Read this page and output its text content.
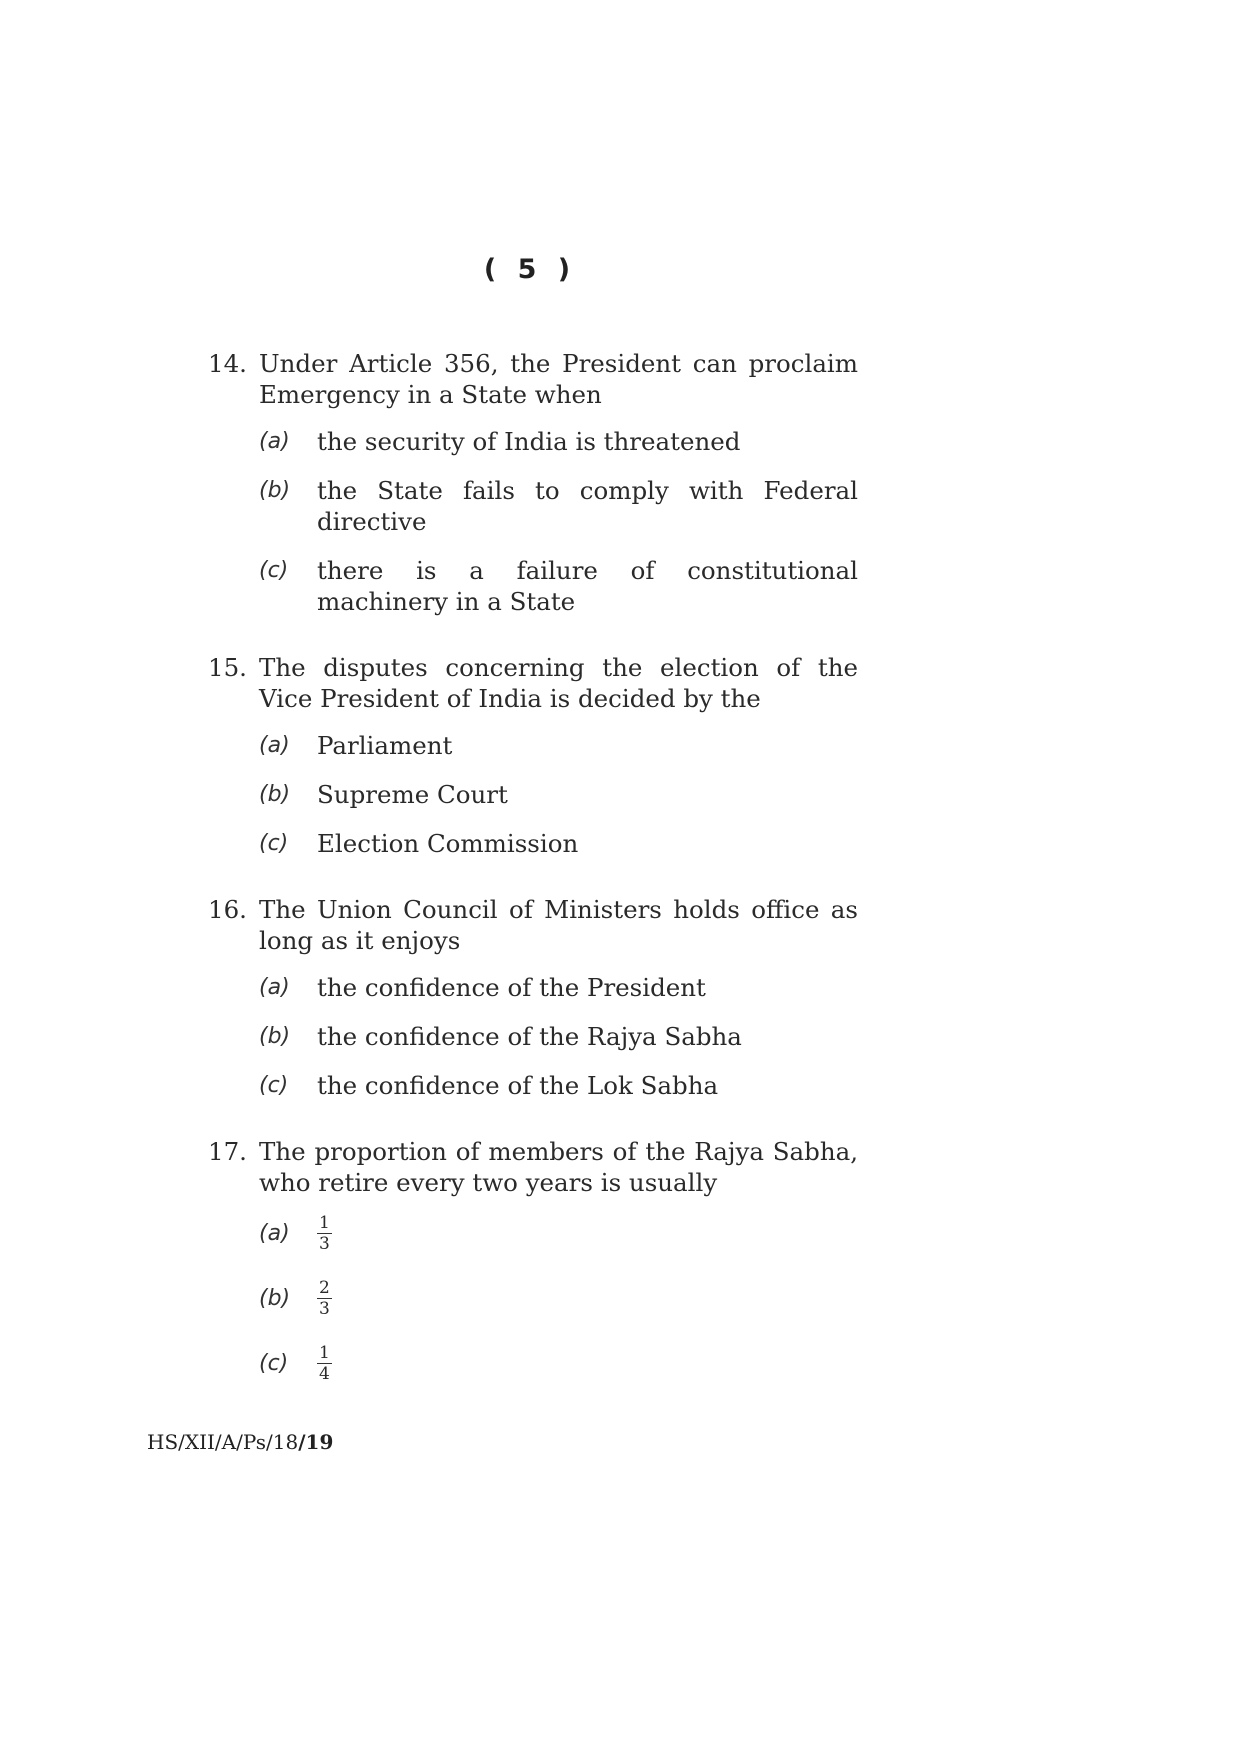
( 5 )
14. Under Article 356, the President can proclaim Emergency in a State when
(a)	the security of India is threatened
(b)	the State fails to comply with Federal directive
(c)	there is a failure of constitutional machinery in a State
15. The disputes concerning the election of the Vice President of India is decided by the
(a)	Parliament
(b)	Supreme Court
(c)	Election Commission
16. The Union Council of Ministers holds office as long as it enjoys
(a)	the confidence of the President
(b)	the confidence of the Rajya Sabha
(c)	the confidence of the Lok Sabha
17. The proportion of members of the Rajya Sabha, who retire every two years is usually
(a)	$\frac{1}{3}$
(b)	$\frac{2}{3}$
(c)	$\frac{1}{4}$
HS/XII/A/Ps/18/19
